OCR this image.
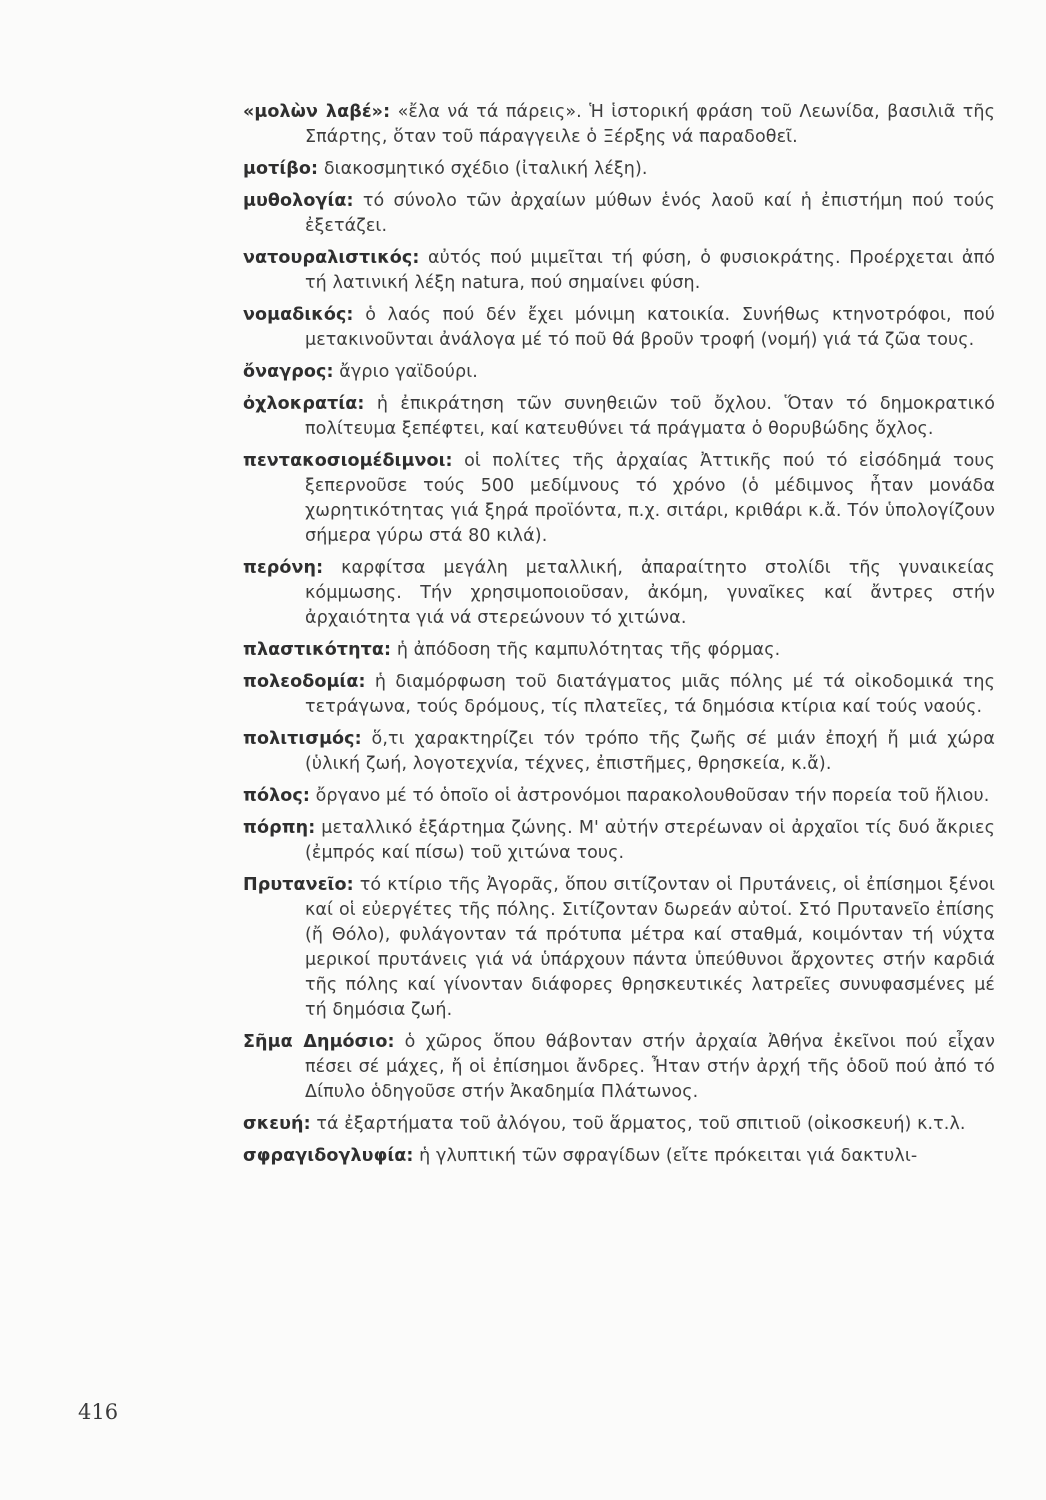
«μολὼν λαβέ»: «ἔλα νά τά πάρεις». Ἡ ἱστορική φράση τοῦ Λεωνίδα, βασιλιᾶ τῆς Σπάρτης, ὅταν τοῦ πάραγγειλε ὁ Ξέρξης νά παραδοθεῖ.

μοτίβο: διακοσμητικό σχέδιο (ἰταλική λέξη).

μυθολογία: τό σύνολο τῶν ἀρχαίων μύθων ἑνός λαοῦ καί ἡ ἐπιστήμη πού τούς ἐξετάζει.

νατουραλιστικός: αὐτός πού μιμεῖται τή φύση, ὁ φυσιοκράτης. Προέρχεται ἀπό τή λατινική λέξη natura, πού σημαίνει φύση.

νομαδικός: ὁ λαός πού δέν ἔχει μόνιμη κατοικία. Συνήθως κτηνοτρόφοι, πού μετακινοῦνται ἀνάλογα μέ τό ποῦ θά βροῦν τροφή (νομή) γιά τά ζῶα τους.

ὄναγρος: ἄγριο γαϊδούρι.

ὀχλοκρατία: ἡ ἐπικράτηση τῶν συνηθειῶν τοῦ ὄχλου. Ὅταν τό δημοκρατικό πολίτευμα ξεπέφτει, καί κατευθύνει τά πράγματα ὁ θορυβώδης ὄχλος.

πεντακοσιομέδιμνοι: οἱ πολίτες τῆς ἀρχαίας Ἀττικῆς πού τό εἰσόδημά τους ξεπερνοῦσε τούς 500 μεδίμνους τό χρόνο (ὁ μέδιμνος ἦταν μονάδα χωρητικότητας γιά ξηρά προϊόντα, π.χ. σιτάρι, κριθάρι κ.ἄ. Τόν ὑπολογίζουν σήμερα γύρω στά 80 κιλά).

περόνη: καρφίτσα μεγάλη μεταλλική, ἀπαραίτητο στολίδι τῆς γυναικείας κόμμωσης. Τήν χρησιμοποιοῦσαν, ἀκόμη, γυναῖκες καί ἄντρες στήν ἀρχαιότητα γιά νά στερεώνουν τό χιτώνα.

πλαστικότητα: ἡ ἀπόδοση τῆς καμπυλότητας τῆς φόρμας.

πολεοδομία: ἡ διαμόρφωση τοῦ διατάγματος μιᾶς πόλης μέ τά οἰκοδομικά της τετράγωνα, τούς δρόμους, τίς πλατεῖες, τά δημόσια κτίρια καί τούς ναούς.

πολιτισμός: ὅ,τι χαρακτηρίζει τόν τρόπο τῆς ζωῆς σέ μιάν ἐποχή ἤ μιά χώρα (ὑλική ζωή, λογοτεχνία, τέχνες, ἐπιστῆμες, θρησκεία, κ.ἄ).

πόλος: ὄργανο μέ τό ὁποῖο οἱ ἀστρονόμοι παρακολουθοῦσαν τήν πορεία τοῦ ἥλιου.

πόρπη: μεταλλικό ἐξάρτημα ζώνης. Μ' αὐτήν στερέωναν οἱ ἀρχαῖοι τίς δυό ἄκριες (ἐμπρός καί πίσω) τοῦ χιτώνα τους.

Πρυτανεῖο: τό κτίριο τῆς Ἀγορᾶς, ὅπου σιτίζονταν οἱ Πρυτάνεις, οἱ ἐπίσημοι ξένοι καί οἱ εὐεργέτες τῆς πόλης. Σιτίζονταν δωρεάν αὐτοί. Στό Πρυτανεῖο ἐπίσης (ἤ Θόλο), φυλάγονταν τά πρότυπα μέτρα καί σταθμά, κοιμόνταν τή νύχτα μερικοί πρυτάνεις γιά νά ὑπάρχουν πάντα ὑπεύθυνοι ἄρχοντες στήν καρδιά τῆς πόλης καί γίνονταν διάφορες θρησκευτικές λατρεῖες συνυφασμένες μέ τή δημόσια ζωή.

Σῆμα Δημόσιο: ὁ χῶρος ὅπου θάβονταν στήν ἀρχαία Ἀθήνα ἐκεῖνοι πού εἶχαν πέσει σέ μάχες, ἤ οἱ ἐπίσημοι ἄνδρες. Ἦταν στήν ἀρχή τῆς ὁδοῦ πού ἀπό τό Δίπυλο ὁδηγοῦσε στήν Ἀκαδημία Πλάτωνος.

σκευή: τά ἐξαρτήματα τοῦ ἀλόγου, τοῦ ἅρματος, τοῦ σπιτιοῦ (οἰκοσκευή) κ.τ.λ.

σφραγιδογλυφία: ἡ γλυπτική τῶν σφραγίδων (εἴτε πρόκειται γιά δακτυλι-

416
